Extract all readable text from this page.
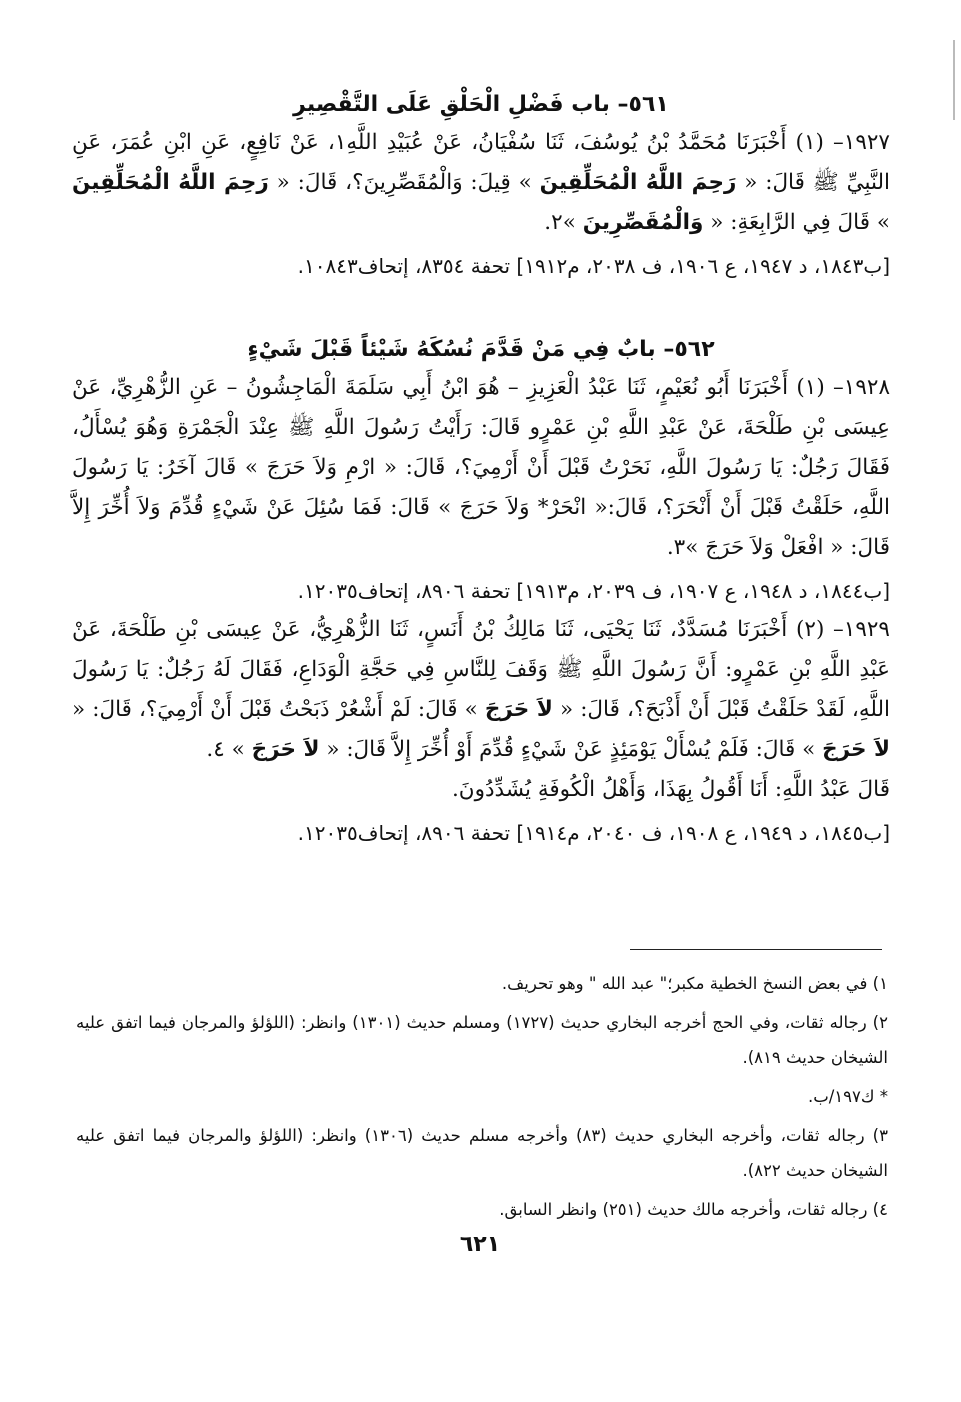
٥٦١– باب فَضْلِ الْحَلْقِ عَلَى التَّقْصِيرِ

١٩٢٧– (١) أَخْبَرَنَا مُحَمَّدُ بْنُ يُوسُفَ، ثَنَا سُفْيَانُ، عَنْ عُبَيْدِ اللَّهِ١، عَنْ نَافِعٍ، عَنِ ابْنِ عُمَرَ، عَنِ النَّبِيِّ ﷺ قَالَ: « رَحِمَ اللَّهُ الْمُحَلِّقِينَ » قِيلَ: وَالْمُقَصِّرِينَ؟، قَالَ: « رَحِمَ اللَّهُ الْمُحَلِّقِينَ » قَالَ فِي الرَّابِعَةِ: « وَالْمُقَصِّرِينَ »٢.

[ب١٨٤٣، د ١٩٤٧، ع ١٩٠٦، ف ٢٠٣٨، م١٩١٢] تحفة ٨٣٥٤، إتحاف١٠٨٤٣.

٥٦٢– بابٌ فِي مَنْ قَدَّمَ نُسُكَهُ شَيْئاً قَبْلَ شَيْءٍ

١٩٢٨– (١) أَخْبَرَنَا أَبُو نُعَيْمٍ، ثَنَا عَبْدُ الْعَزِيزِ – هُوَ ابْنُ أَبِي سَلَمَةَ الْمَاجِشُونُ – عَنِ الزُّهْرِيِّ، عَنْ عِيسَى بْنِ طَلْحَةَ، عَنْ عَبْدِ اللَّهِ بْنِ عَمْرٍو قَالَ: رَأَيْتُ رَسُولَ اللَّهِ ﷺ عِنْدَ الْجَمْرَةِ وَهُوَ يُسْأَلُ، فَقَالَ رَجُلٌ: يَا رَسُولَ اللَّهِ، نَحَرْتُ قَبْلَ أَنْ أَرْمِيَ؟، قَالَ: « ارْمِ وَلاَ حَرَجَ » قَالَ آخَرُ: يَا رَسُولَ اللَّهِ، حَلَقْتُ قَبْلَ أَنْ أَنْحَرَ؟، قَالَ:« انْحَرْ* وَلاَ حَرَجَ » قَالَ: فَمَا سُئِلَ عَنْ شَيْءٍ قُدِّمَ وَلاَ أُخِّرَ إِلاَّ قَالَ: « افْعَلْ وَلاَ حَرَجَ »٣.

[ب١٨٤٤، د ١٩٤٨، ع ١٩٠٧، ف ٢٠٣٩، م١٩١٣] تحفة ٨٩٠٦، إتحاف١٢٠٣٥.

١٩٢٩– (٢) أَخْبَرَنَا مُسَدَّدٌ، ثَنَا يَحْيَى، ثَنَا مَالِكُ بْنُ أَنَسٍ، ثَنَا الزُّهْرِيُّ، عَنْ عِيسَى بْنِ طَلْحَةَ، عَنْ عَبْدِ اللَّهِ بْنِ عَمْرٍو: أَنَّ رَسُولَ اللَّهِ ﷺ وَقَفَ لِلنَّاسِ فِي حَجَّةِ الْوَدَاعِ، فَقَالَ لَهُ رَجُلٌ: يَا رَسُولَ اللَّهِ، لَقَدْ حَلَقْتُ قَبْلَ أَنْ أَذْبَحَ؟، قَالَ: « لاَ حَرَجَ » قَالَ: لَمْ أَشْعُرْ ذَبَحْتُ قَبْلَ أَنْ أَرْمِيَ؟، قَالَ: « لاَ حَرَجَ » قَالَ: فَلَمْ يُسْأَلْ يَوْمَئِذٍ عَنْ شَيْءٍ قُدِّمَ أَوْ أُخِّرَ إِلاَّ قَالَ: « لاَ حَرَجَ » ٤.

قَالَ عَبْدُ اللَّهِ: أَنَا أَقُولُ بِهَذَا، وَأَهْلُ الْكُوفَةِ يُشَدِّدُونَ.

[ب١٨٤٥، د ١٩٤٩، ع ١٩٠٨، ف ٢٠٤٠، م١٩١٤] تحفة ٨٩٠٦، إتحاف١٢٠٣٥.

١) في بعض النسخ الخطية مكبر؛" عبد الله " وهو تحريف.

٢) رجاله ثقات، وفي الحج أخرجه البخاري حديث (١٧٢٧) ومسلم حديث (١٣٠١) وانظر: (اللؤلؤ والمرجان فيما اتفق عليه الشيخان حديث ٨١٩).

* ك١٩٧/ب.

٣) رجاله ثقات، وأخرجه البخاري حديث (٨٣) وأخرجه مسلم حديث (١٣٠٦) وانظر: (اللؤلؤ والمرجان فيما اتفق عليه الشيخان حديث ٨٢٢).

٤) رجاله ثقات، وأخرجه مالك حديث (٢٥١) وانظر السابق.

٦٢١
